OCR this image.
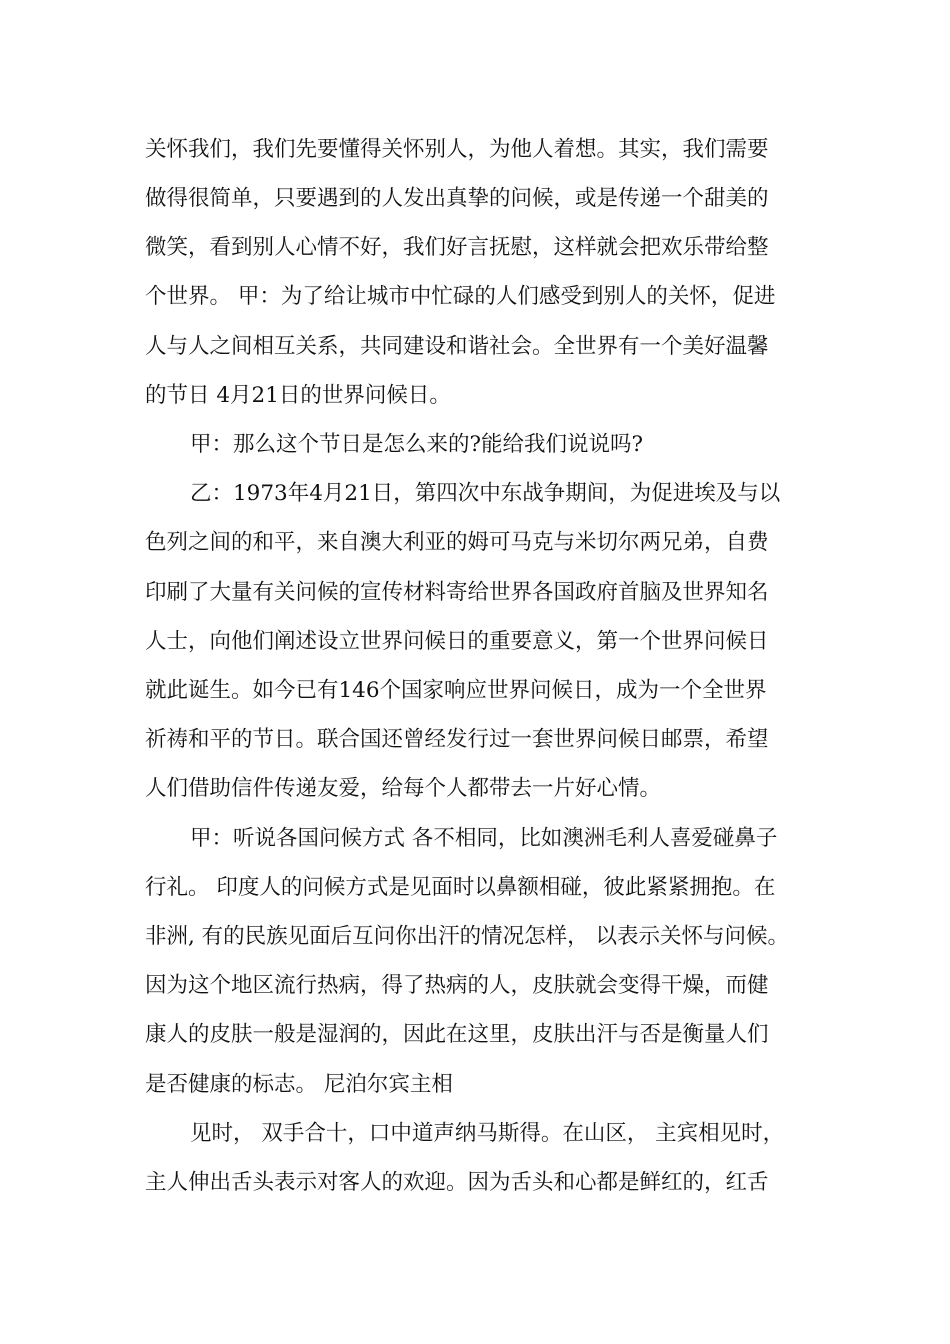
关怀我们，我们先要懂得关怀别人，为他人着想。其实，我们需要
做得很简单，只要遇到的人发出真挚的问候，或是传递一个甜美的
微笑，看到别人心情不好，我们好言抚慰，这样就会把欢乐带给整
个世界。 甲：为了给让城市中忙碌的人们感受到别人的关怀，促进
人与人之间相互关系，共同建设和谐社会。全世界有一个美好温馨
的节日 4月21日的世界问候日。
甲：那么这个节日是怎么来的?能给我们说说吗?
乙：1973年4月21日，第四次中东战争期间，为促进埃及与以
色列之间的和平，来自澳大利亚的姆可马克与米切尔两兄弟，自费
印刷了大量有关问候的宣传材料寄给世界各国政府首脑及世界知名
人士，向他们阐述设立世界问候日的重要意义，第一个世界问候日
就此诞生。如今已有146个国家响应世界问候日，成为一个全世界
祈祷和平的节日。联合国还曾经发行过一套世界问候日邮票，希望
人们借助信件传递友爱，给每个人都带去一片好心情。
甲：听说各国问候方式 各不相同，比如澳洲毛利人喜爱碰鼻子
行礼。 印度人的问候方式是见面时以鼻额相碰，彼此紧紧拥抱。在
非洲, 有的民族见面后互问你出汗的情况怎样， 以表示关怀与问候。
因为这个地区流行热病，得了热病的人，皮肤就会变得干燥，而健
康人的皮肤一般是湿润的，因此在这里，皮肤出汗与否是衡量人们
是否健康的标志。 尼泊尔宾主相
见时， 双手合十，口中道声纳马斯得。在山区， 主宾相见时，
主人伸出舌头表示对客人的欢迎。因为舌头和心都是鲜红的，红舌
